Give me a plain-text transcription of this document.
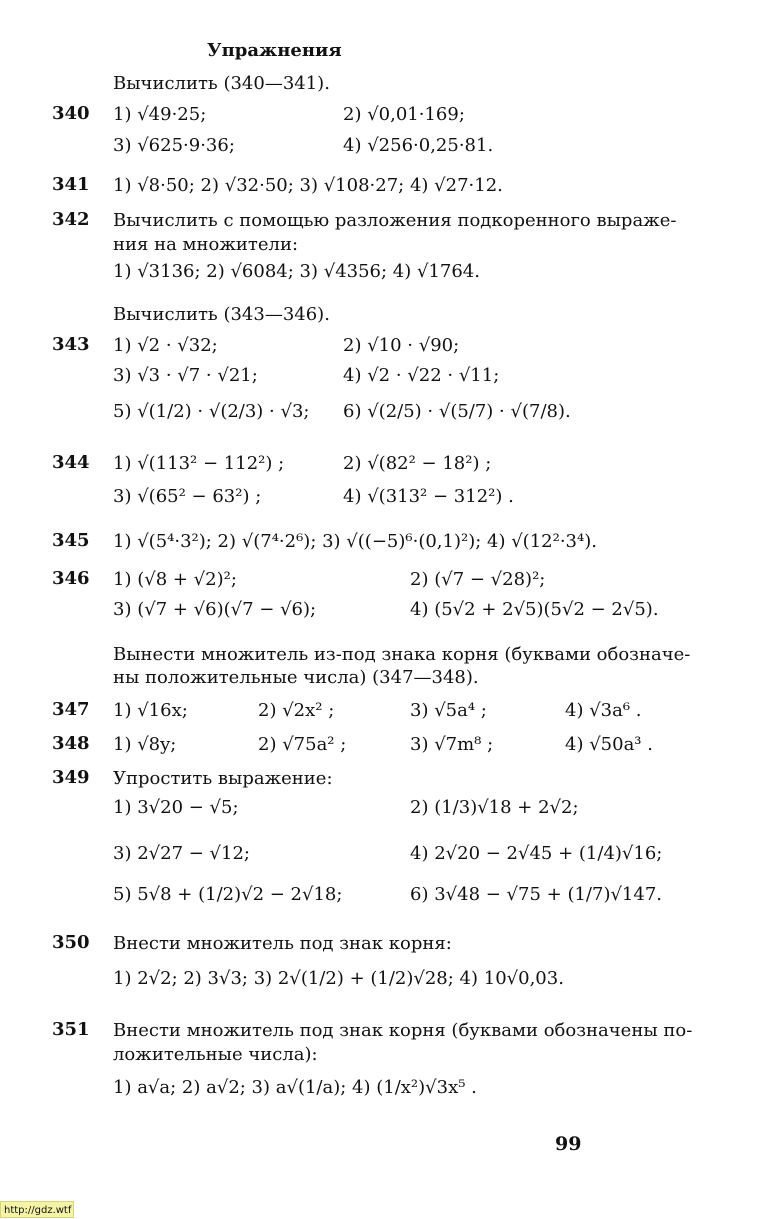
Упражнения
Вычислить (340—341).
340 1) √49·25;	2) √0,01·169;
3) √625·9·36;	4) √256·0,25·81.
341 1) √8·50; 2) √32·50; 3) √108·27; 4) √27·12.
342 Вычислить с помощью разложения подкоренного выраже-
ния на множители:
1) √3136; 2) √6084; 3) √4356; 4) √1764.
Вычислить (343—346).
343 1) √2 · √32;	2) √10 · √90;
3) √3 · √7 · √21;	4) √2 · √22 · √11;
5) √(1/2) · √(2/3) · √3; 6) √(2/5) · √(5/7) · √(7/8).
344 1) √(113² − 112²) ;	2) √(82² − 18²) ;
3) √(65² − 63²) ;	4) √(313² − 312²) .
345 1) √(5⁴·3²); 2) √(7⁴·2⁶); 3) √((−5)⁶·(0,1)²); 4) √(12²·3⁴).
346 1) (√8 + √2)²;	2) (√7 − √28)²;
3) (√7 + √6)(√7 − √6);	4) (5√2 + 2√5)(5√2 − 2√5).
Вынести множитель из-под знака корня (буквами обозначе-
ны положительные числа) (347—348).
347 1) √16x;	2) √2x² ;	3) √5a⁴ ;	4) √3a⁶ .
348 1) √8y;	2) √75a² ;	3) √7m⁸ ;	4) √50a³ .
349 Упростить выражение:
1) 3√20 − √5;	2) (1/3)√18 + 2√2;
3) 2√27 − √12;	4) 2√20 − 2√45 + (1/4)√16;
5) 5√8 + (1/2)√2 − 2√18;	6) 3√48 − √75 + (1/7)√147.
350 Внести множитель под знак корня:
1) 2√2; 2) 3√3; 3) 2√(1/2) + (1/2)√28; 4) 10√0,03.
351 Внести множитель под знак корня (буквами обозначены по-
ложительные числа):
1) a√a; 2) a√2; 3) a√(1/a); 4) (1/x²)√3x⁵ .
99
http://gdz.wtf
